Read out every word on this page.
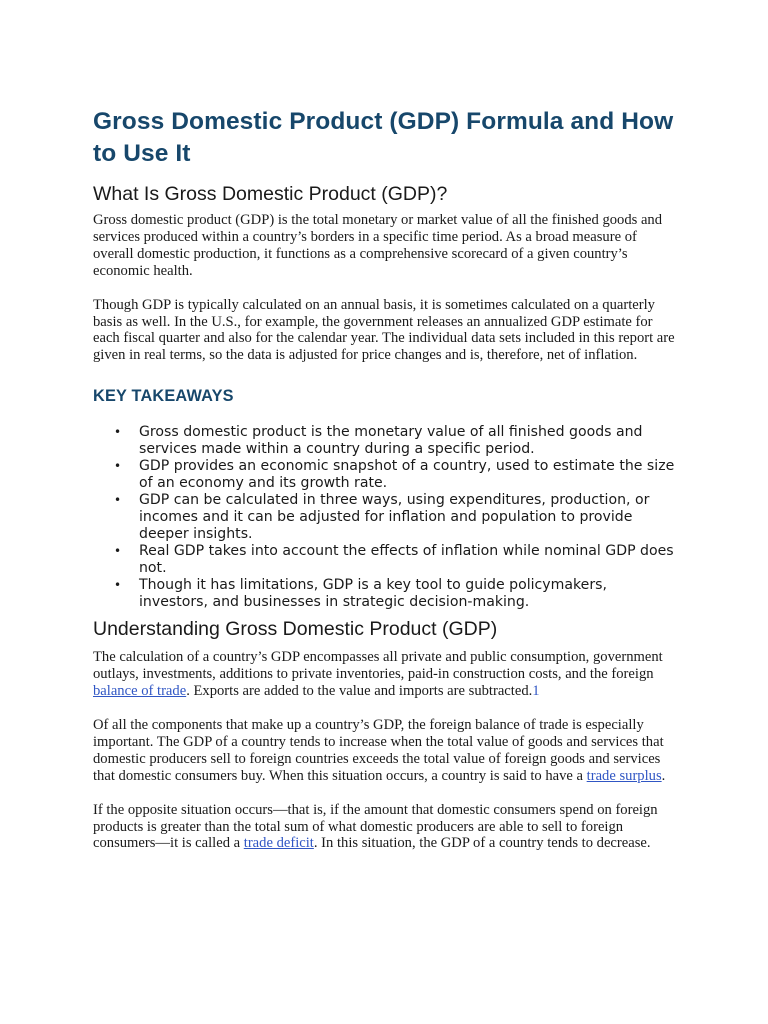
Gross Domestic Product (GDP) Formula and How to Use It
What Is Gross Domestic Product (GDP)?

Gross domestic product (GDP) is the total monetary or market value of all the finished goods and services produced within a country’s borders in a specific time period. As a broad measure of overall domestic production, it functions as a comprehensive scorecard of a given country’s economic health.

Though GDP is typically calculated on an annual basis, it is sometimes calculated on a quarterly basis as well. In the U.S., for example, the government releases an annualized GDP estimate for each fiscal quarter and also for the calendar year. The individual data sets included in this report are given in real terms, so the data is adjusted for price changes and is, therefore, net of inflation.

KEY TAKEAWAYS
• Gross domestic product is the monetary value of all finished goods and services made within a country during a specific period.
• GDP provides an economic snapshot of a country, used to estimate the size of an economy and its growth rate.
• GDP can be calculated in three ways, using expenditures, production, or incomes and it can be adjusted for inflation and population to provide deeper insights.
• Real GDP takes into account the effects of inflation while nominal GDP does not.
• Though it has limitations, GDP is a key tool to guide policymakers, investors, and businesses in strategic decision-making.
Understanding Gross Domestic Product (GDP)

The calculation of a country’s GDP encompasses all private and public consumption, government outlays, investments, additions to private inventories, paid-in construction costs, and the foreign balance of trade. Exports are added to the value and imports are subtracted.1

Of all the components that make up a country’s GDP, the foreign balance of trade is especially important. The GDP of a country tends to increase when the total value of goods and services that domestic producers sell to foreign countries exceeds the total value of foreign goods and services that domestic consumers buy. When this situation occurs, a country is said to have a trade surplus.

If the opposite situation occurs—that is, if the amount that domestic consumers spend on foreign products is greater than the total sum of what domestic producers are able to sell to foreign consumers—it is called a trade deficit. In this situation, the GDP of a country tends to decrease.
